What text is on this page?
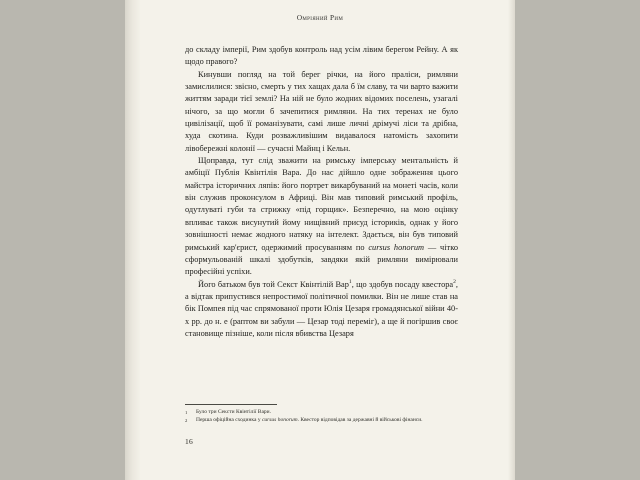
Омріяний Рим

до складу імперії, Рим здобув контроль над усім лівим берегом Рейну. А як щодо правого?

Кинувши погляд на той берег річки, на його праліси, римляни замислилися: звісно, смерть у тих хащах дала б їм славу, та чи варто важити життям заради тієї землі? На ній не було жодних відомих поселень, узагалі нічого, за що могли б зачепитися римляни. На тих теренах не було цивілізації, щоб її романізувати, самі лише личні дрімучі ліси та дрібна, худа скотина. Куди розважливішим видавалося натомість захопити лівобережні колонії — сучасні Майнц і Кельн.

Щоправда, тут слід зважити на римську імперську ментальність й амбіції Публія Квінтілія Вара. До нас дійшло одне зображення цього майстра історичних ляпів: його портрет викарбуваний на монеті часів, коли він служив проконсулом в Африці. Він мав типовий римський профіль, одутлуваті губи та стрижку «під горщик». Безперечно, на мою оцінку впливає також висунутий йому нищівний присуд істориків, однак у його зовнішності немає жодного натяку на інтелект. Здається, він був типовий римський кар'єрист, одержимий просуванням по cursus honorum — чітко сформульованій шкалі здобутків, завдяки якій римляни вимірювали професійні успіхи.

Його батьком був той Секст Квінтілій Вар$^1$, що здобув посаду квестора$^2$, а відтак припустився непростимої політичної помилки. Він не лише став на бік Помпея під час спрямованої проти Юлія Цезаря громадянської війни 40-х рр. до н. е (раптом ви забули — Цезар тоді переміг), а ще й погіршив своє становище пізніше, коли після вбивства Цезаря

1	Було три Секcти Квінтілії Вари.
2	Перша офіційна сходинка у cursus honorum. Квестор відповідав за державні й військові фінанси.
16
